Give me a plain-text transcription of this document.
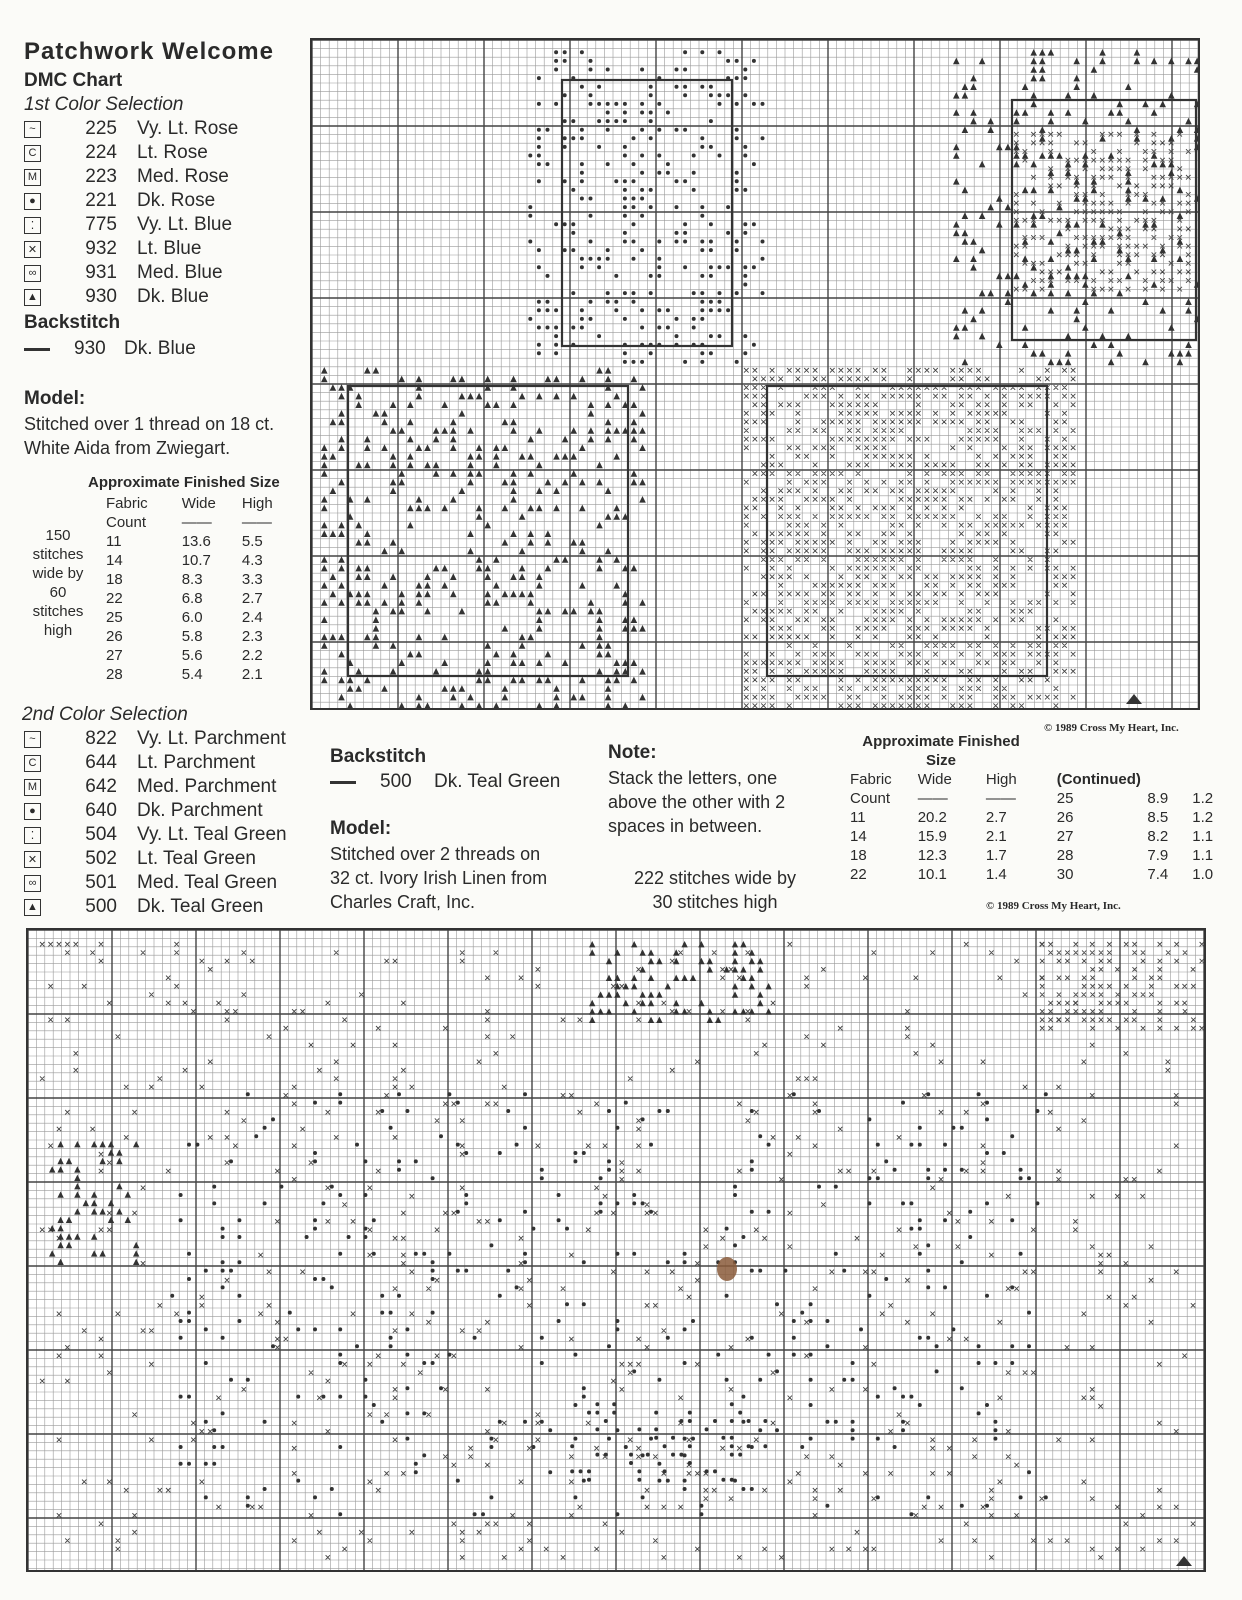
Patchwork Welcome
DMC Chart
1st Color Selection
~	225 Vy. Lt. Rose
C	224 Lt. Rose
M	223 Med. Rose
●	221 Dk. Rose
⁚	775 Vy. Lt. Blue
✕	932 Lt. Blue
∞	931 Med. Blue
▲	930 Dk. Blue
Backstitch
930 Dk. Blue
Model:
Stitched over 1 thread on 18 ct.
White Aida from Zwiegart.
Approximate Finished Size
150
stitches
wide by
60
stitches
high
Fabric	Wide	High
Count	——	——
11	13.6	5.5
14	10.7	4.3
18	8.3	3.3
22	6.8	2.7
25	6.0	2.4
26	5.8	2.3
27	5.6	2.2
28	5.4	2.1
© 1989 Cross My Heart, Inc.
2nd Color Selection
~	822 Vy. Lt. Parchment
C	644 Lt. Parchment
M	642 Med. Parchment
●	640 Dk. Parchment
⁚	504 Vy. Lt. Teal Green
✕	502 Lt. Teal Green
∞	501 Med. Teal Green
▲	500 Dk. Teal Green
Backstitch
500 Dk. Teal Green
Model:
Stitched over 2 threads on
32 ct. Ivory Irish Linen from
Charles Craft, Inc.
Note:
Stack the letters, one
above the other with 2
spaces in between.
222 stitches wide by
30 stitches high
Approximate Finished
Size
Fabric	Wide	High	(Continued)		
Count	——	——	25	8.9	1.2
11	20.2	2.7	26	8.5	1.2
14	15.9	2.1	27	8.2	1.1
18	12.3	1.7	28	7.9	1.1
22	10.1	1.4	30	7.4	1.0
© 1989 Cross My Heart, Inc.
